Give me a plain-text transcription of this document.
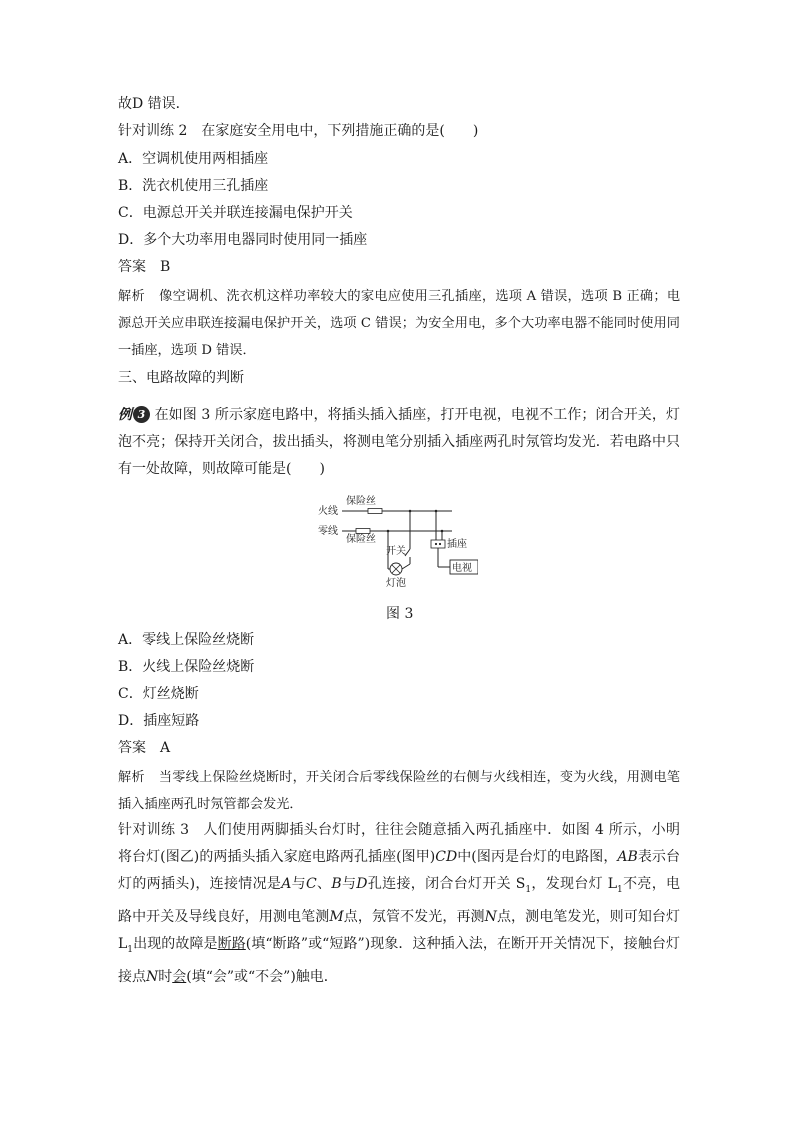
故D 错误．
针对训练 2 在家庭安全用电中，下列措施正确的是(　　)
A．空调机使用两相插座
B．洗衣机使用三孔插座
C．电源总开关并联连接漏电保护开关
D．多个大功率用电器同时使用同一插座
答案 B
解析 像空调机、洗衣机这样功率较大的家电应使用三孔插座，选项 A 错误，选项 B 正确；电源总开关应串联连接漏电保护开关，选项 C 错误；为安全用电，多个大功率电器不能同时使用同一插座，选项 D 错误．
三、电路故障的判断
例 3 在如图 3 所示家庭电路中，将插头插入插座，打开电视，电视不工作；闭合开关，灯泡不亮；保持开关闭合，拔出插头，将测电笔分别插入插座两孔时氖管均发光．若电路中只有一处故障，则故障可能是(　　)
火线
零线
保险丝
保险丝
开关
灯泡
插座
电视
图 3
A．零线上保险丝烧断
B．火线上保险丝烧断
C．灯丝烧断
D．插座短路
答案 A
解析 当零线上保险丝烧断时，开关闭合后零线保险丝的右侧与火线相连，变为火线，用测电笔插入插座两孔时氖管都会发光．
针对训练 3 人们使用两脚插头台灯时，往往会随意插入两孔插座中．如图 4 所示，小明将台灯(图乙)的两插头插入家庭电路两孔插座(图甲)CD中(图丙是台灯的电路图，AB表示台灯的两插头)，连接情况是A与C、B与D孔连接，闭合台灯开关 $S_1$，发现台灯 $L_1$不亮，电路中开关及导线良好，用测电笔测M点，氖管不发光，再测N点，测电笔发光，则可知台灯 $L_1$出现的故障是断路(填“断路”或“短路”)现象．这种插入法，在断开开关情况下，接触台灯接点N时会(填“会”或“不会”)触电．
